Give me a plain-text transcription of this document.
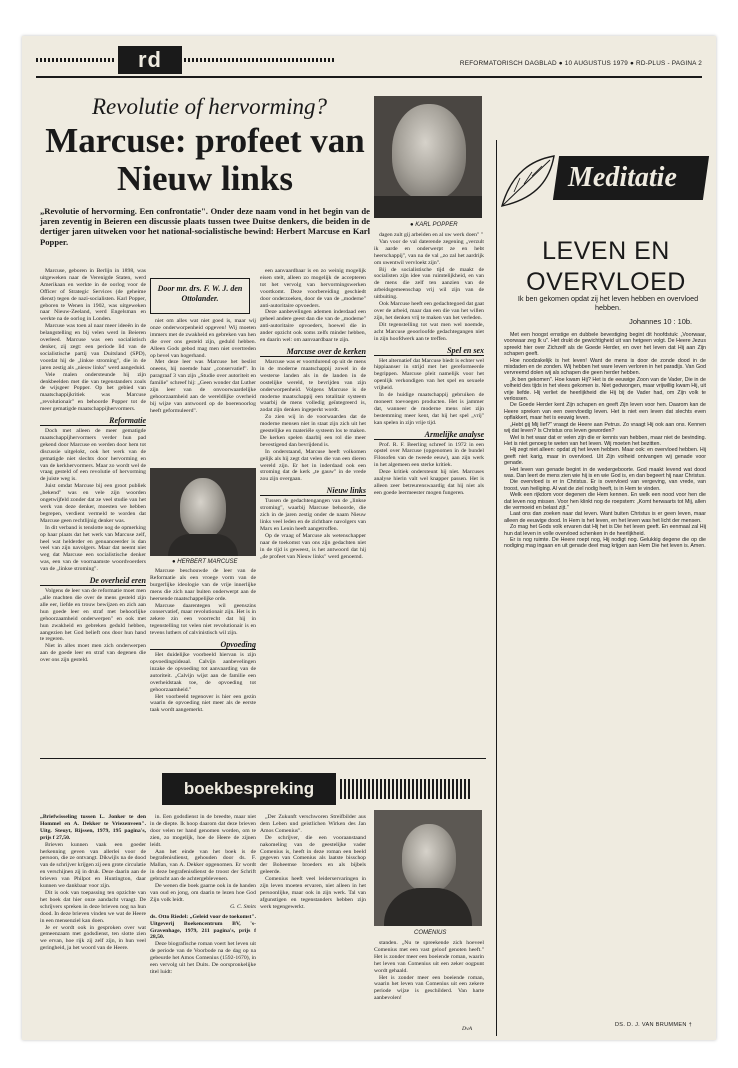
rd	REFORMATORISCH DAGBLAD ● 10 AUGUSTUS 1979 ● RD-PLUS - PAGINA 2
Revolutie of hervorming?
Marcuse: profeet van Nieuw links
„Revolutie of hervorming. Een confrontatie". Onder deze naam vond in het begin van de jaren zeventig in Beieren een discussie plaats tussen twee Duitse denkers, die beiden in de dertiger jaren uitweken voor het national-socialistische bewind: Herbert Marcuse en Karl Popper.

Marcuse, geboren in Berlijn in 1898, was uitgeweken naar de Verenigde Staten, werd Amerikaan en werkte in de oorlog voor de Officer of Strategic Services (de geheime dienst) tegen de nazi-socialisten. Karl Popper, geboren te Wenen in 1902, was uitgeweken naar Nieuw-Zeeland, werd Engelsman en werkte na de oorlog in Londen.

Marcuse was toen al naar meer ideeën in de belangstelling en bij velen werd in Beieren overleed. Marcuse was een socialistisch denker, zij zegt: een periode lid van de socialistische partij van Duitsland (SPD), voordat hij de „linkse stroming", die in de jaren zestig als „nieuw links" werd aangeduid.

Vele malen ondersteunde hij zijn denkbeelden met die van tegenstanders zoals de wijsgeer Popper. Op het gebied van maatschappijkritiek was Marcuse „revolutionair" en behoorde Popper tot de meer gematigde maatschappijhervormers.

Reformatie

Doch met alleen de meer gematigde maatschappijhervormers verder hun pad gekend door Marcuse en werden door hem tot discussie uitgelokt, ook het werk van de gematigde niet slechts door hervorming en van de kerkhervormers. Maar zo wordt wel de vraag gesteld of een revolutie of hervorming de juiste weg is.

Juist omdat Marcuse bij een groot publiek „bekend" was en vele zijn woorden ongetwijfeld zonder dat ze veel studie van het werk van deze denker, moesten we hebben begrepen, verdient vermeld te worden dat Marcuse geen rechtlijnig denker was.

In dit verband is tenslotte nog de opmerking op haar plaats dat het werk van Marcuse zelf, heel wat helderder en genuanceerder is dan veel van zijn navolgers. Maar dat neemt niet weg dat Marcuse een socialistische denker was, een van de voornaamste woordvoerders van de „linkse stroming".

De overheid eren

Volgens de leer van de reformatie moet men „alle machten die over de mens gesteld zijn alle eer, liefde en trouw bewijzen en zich aan hun goede leer en straf met behoorlijke gehoorzaamheid onderwerpen" en ook met hun zwakheid en gebreken geduld hebben, aangezien het God belieft ons door hun hand te regeren.

Niet in alles moet men zich onderwerpen aan de goede leer en straf van degenen die over ons zijn gesteld.

Door mr. drs. F. W. J. den Ottolander.

niet om alles wat niet goed is, maar wij onze onderworpenheid opgeven! Wij moeten immers met de zwakheid en gebreken van hen die over ons gesteld zijn, geduld hebben. Alleen Gods gebod mag men niet overtreden op bevel van hogerhand.

Met deze leer was Marcuse het beslist oneens, hij noemde haar „conservatief". In paragraaf 3 van zijn „Studie over autoriteit en familie" schreef hij: „Geen wonder dat Luther zijn leer van de onvoorwaardelijke gehoorzaamheid aan de wereldlijke overheid bij wijze van antwoord op de boerenoorlog heeft geformuleerd".

● HERBERT MARCUSE

Marcuse beschouwde de leer van de Reformatie als een vroege vorm van de burgerlijke ideologie van de vrije innerlijke mens die zich naar buiten onderwerpt aan de heersende maatschappelijke orde.

Marcuse daarentegen wil geenszins conservatief, maar revolutionair zijn. Het is in zekere zin een voorrecht dat hij in tegenstelling tot velen niet revolutionair is en tevens luthers of calvinistisch wil zijn.

Opvoeding

Het duidelijke voorbeeld hiervan is zijn opvoedingsideaal. Calvijn aanbevelingen inzake de opvoeding tot aanvaarding van de autoriteit. „Calvijn wijst aan de familie een overheidstaak toe, de opvoeding tot gehoorzaamheid."

Het voorbeeld tegenover is hier een gezin waarin de opvoeding niet meer als de eerste taak wordt aangemerkt.

een aanvaardbaar is en zo weinig mogelijk eisen stelt, alleen zo mogelijk de accepteren tot het vervolg van hervormingswerken voortkomt. Deze voorbereiding geschiedt door onderzoeken, door de van de „moderne" anti-autoritaire opvoeders.

Deze aanbevelingen ademen inderdaad een geheel andere geest dan die van de „moderne" anti-autoritaire opvoeders, hoewel die in ander opzicht ook soms zelfs minder hebben, en daarin wel: om aanvaardbaar te zijn.

Marcuse over de kerken

Marcuse was er voortdurend op uit de mens in de moderne maatschappij zowel in de westerse landen als in de landen in de oostelijke wereld, te bevrijden van zijn onderworpenheid. Volgens Marcuse is de moderne maatschappij een totalitair systeem waarbij de mens volledig geïntegreerd is, zodat zijn denken ingeperkt wordt.

Zo zien wij in de voorwaarden dat de moderne mensen niet in staat zijn zich uit het geestelijke en materiële systeem los te maken. De kerken spelen daarbij een rol die meer bevestigend dan bevrijdend is.

In onderstaand, Marcuse heeft volkomen gelijk als hij zegt dat velen die van een dieren wereld zijn. Er het in inderdaad ook een stroming dat de kerk „te gauw" in de vrede zou zijn overgaan.

Nieuw links

Tussen de gedachtengangen van de „linkse stroming", waarbij Marcuse behoorde, die zich in de jaren zestig onder de naam Nieuw links veel leden en de zichtbare navolgers van Marx en Lenin heeft aangetroffen.

Op de vraag of Marcuse als wetenschapper naar de toekomst van ons zijn gedachten niet in de tijd is geweest, is het antwoord dat hij „de profeet van Nieuw links" werd genoemd.

● KARL POPPER

dagen zult gij arbeiden en al uw werk doen" "

Van voor de val daterende zegening „verzult ik aarde en onderwerpt ze en hebt heerschappij", van na de val „zo zal het aardrijk om uwentwil vervloekt zijn".

Bij de socialistische tijd de maakt de socialisten zijn idee van ruimtelijkheid, en van de mens die zelf ten aanzien van de arbeidsgemeenschap vrij wil zijn van de uitbuiting.

Ook Marcuse heeft een gedachtegoed dat gaat over de arbeid, maar dan een die van het willen zijn, het denken vrij te maken van het verleden.

Dit tegenstelling tot wat men wel noemde, acht Marcuse geoorloofde gedachtegangen niet in zijn hoofdwerk aan te treffen.

Spel en sex

Het alternatief dat Marcuse biedt is echter wel hippiaanser in strijd met het gereformeerde begrippen. Marcuse pleit namelijk voor het openlijk verkondigen van het spel en sexuele vrijheid.

In de huidige maatschappij gebruiken de moneert toevoegen producten. Het is jammer dat, wanneer de moderne mens niet zijn bestemming meer kent, dat hij het spel „vrij" kan spelen in zijn vrije tijd.

Armelijke analyse

Prof. R. F. Beerling schreef in 1972 in een opstel over Marcuse (opgenomen in de bundel Filosofen van de tweede eeuw), aan zijn werk in het algemeen een sterke kritiek.

Deze kritiek ondersteunt hij niet. Marcuses analyse hierin valt wel knapper passen. Het is alleen zeer betreurenswaardig dat hij niet als een goede leermeester mogen fungeren.

boekbespreking

„Briefwisseling tussen L. Jonker te den Hommel en A. Dekker te Vriezenveen". Uitg. Steuyt, Rijssen, 1979, 195 pagina's, prijs f 27,50.

Brieven kunnen vaak een goeder herkenning geven van allerlei voor de persoon, die ze ontvangt. Dikwijls na de dood van de schrijver krijgen zij een grote circulatie en verschijnen zij in druk. Deze daarin aan de brieven van Philpot en Huntington, daar kunnen we dankbaar voor zijn.

Dit is ook van toepassing ten opzichte van het boek dat hier onze aandacht vraagt. De schrijvers spreken in deze brieven nog na hun dood. In deze brieven vinden we wat de Heere in een mensenziel kan doen.

Je er wordt ook in gesproken over wat gemeenzaam met godsdienst, ten slotte zien we ervan, hoe rijk zij zelf zijn, in hun veel geringheid, ja het woord van de Heere.

in. Een godsdienst in de breedte, maar niet in de diepte. Ik hoop daarom dat deze brieven door velen ter hand genomen worden, om te zien, zo mogelijk, hoe de Heere de zijnen leidt.

Aan het einde van het boek is de begrafenisdienst, gehouden door ds. F. Mallan, van A. Dekker opgenomen. Er wordt in deze begrafenisdienst de troost der Schrift gebracht aan de achtergeblevenen.

De wenen die boek gaarne ook in de handen van oud en jong, om daarin te lezen hoe God Zijn volk leidt.

G. C. Smits

ds. Otto Riedel: „Geleid voor de toekomst". Uitgeverij Boekencentrum BV, 's-Gravenhage, 1979, 211 pagina's, prijs f 28,50.

Deze biografische roman voert het leven uit de periode van de Voorbode na de dag op na gebeurde het Amos Comenius (1592-1670), in een vervolg uit het Duits. De oorspronkelijke titel luidt:

„Der Zukunft verschworen Streifbilder aus dem Leben und geistlichen Wirken des Jan Amos Comenius".

De schrijver, die een vooraanstaand nakomeling van de geestelijke vader Comenius is, heeft in deze roman een beeld gegeven van Comenius als laatste bisschop der Boheemse broeders en als bijbels geleerde.

Comenius heeft veel leiderservaringen in zijn leven moeten ervaren, niet alleen in het persoonlijke, maar ook in zijn werk. Tal van afgunstigen en tegenstanders hebben zijn werk tegengewerkt.

COMENIUS

standen. „Nu te spreekende zich hoeveel Comenius met een vast geloof genoten heeft." Het is zonder meer een boeiende roman, waarin het leven van Comenius uit een zeker oogpunt wordt gehaald.

Het is zonder meer een boeiende roman, waarin het leven van Comenius uit een zekere periode wijze is geschilderd. Van harte aanbevolen!

DvA
Meditatie
LEVEN EN
OVERVLOED
Ik ben gekomen opdat zij het leven hebben en overvloed hebben.
Johannes 10 : 10b.

Met een hoogst ernstige en dubbele bevestiging begint dit hoofdstuk: „Voorwaar, voorwaar zeg Ik u". Het drukt de gewichtigheid uit van hetgeen volgt. De Heere Jezus spreekt hier over Zichzelf als de Goede Herder, en over het leven dat Hij aan Zijn schapen geeft.

Hoe noodzakelijk is het leven! Want de mens is door de zonde dood in de misdaden en de zonden. Wij hebben het ware leven verloren in het paradijs. Van God vervreemd dolen wij als schapen die geen herder hebben.

„Ik ben gekomen". Hoe kwam Hij? Het is de eeuwige Zoon van de Vader, Die in de volheid des tijds in het vlees gekomen is. Niet gedwongen, maar vrijwillig kwam Hij, uit vrije liefde. Hij verliet de heerlijkheid die Hij bij de Vader had, om Zijn volk te verlossen.

De Goede Herder kent Zijn schapen en geeft Zijn leven voor hen. Daarom kan de Heere spreken van een overvloedig leven. Het is niet een leven dat slechts even opflakkert, maar het is eeuwig leven.

„Hebt gij Mij lief?" vraagt de Heere aan Petrus. Zo vraagt Hij ook aan ons. Kennen wij dat leven? Is Christus ons leven geworden?

Wel is het waar dat er velen zijn die er kennis van hebben, maar niet de bevinding. Het is niet genoeg te weten van het leven. Wij moeten het bezitten.

Hij zegt niet alleen: opdat zij het leven hebben. Maar ook: en overvloed hebben. Hij geeft niet karig, maar in overvloed. Uit Zijn volheid ontvangen wij genade voor genade.

Het leven van genade begint in de wedergeboorte. God maakt levend wat dood was. Dan leert de mens zien wie hij is en wie God is, en dan begeert hij naar Christus.

Die overvloed is er in Christus. Er is overvloed van vergeving, van vrede, van troost, van heiliging. Al wat de ziel nodig heeft, is in Hem te vinden.

Welk een rijkdom voor degenen die Hem kennen. En welk een nood voor hen die dat leven nog missen. Voor hen klinkt nog de roepstem: „Komt herwaarts tot Mij, allen die vermoeid en belast zijt."

Laat ons dan zoeken naar dat leven. Want buiten Christus is er geen leven, maar alleen de eeuwige dood. In Hem is het leven, en het leven was het licht der mensen.

Zo mag het Gods volk ervaren dat Hij het is Die het leven geeft. En eenmaal zal Hij hun dat leven in volle overvloed schenken in de heerlijkheid.

Er is nog ruimte. De Heere roept nog, Hij nodigt nog. Gelukkig degene die op die nodiging mag ingaan en uit genade deel mag krijgen aan Hem Die het leven is. Amen.

DS. D. J. VAN BRUMMEN †
